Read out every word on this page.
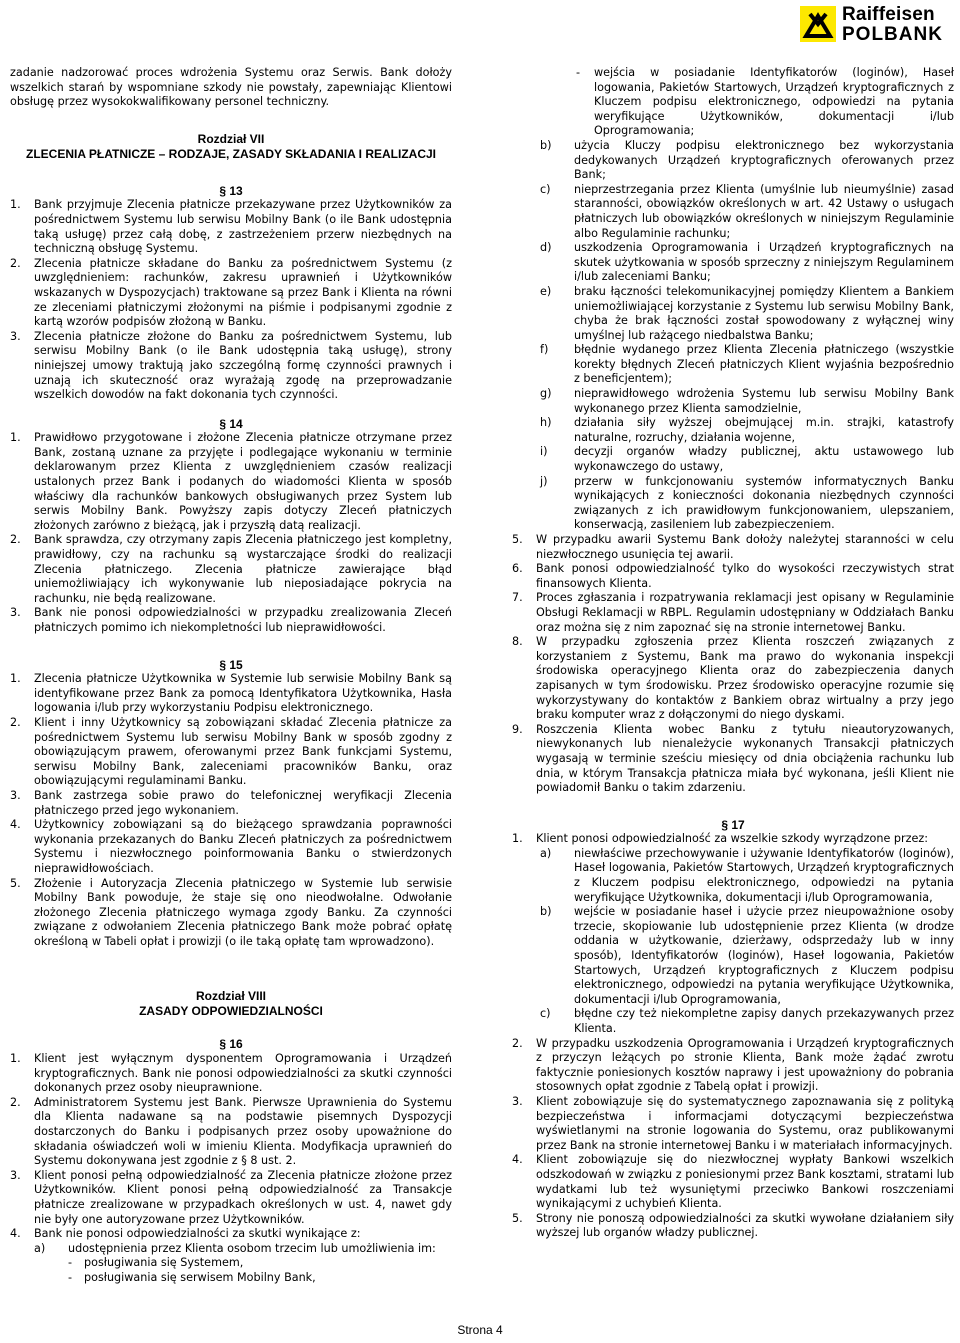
Raiffeisen
POLBANK

zadanie nadzorować proces wdrożenia Systemu oraz Serwis. Bank dołoży wszelkich starań by wspomniane szkody nie powstały, zapewniając Klientowi obsługę przez wysokokwalifikowany personel techniczny.

Rozdział VII
ZLECENIA PŁATNICZE – RODZAJE, ZASADY SKŁADANIA I REALIZACJI
§ 13
1.	Bank przyjmuje Zlecenia płatnicze przekazywane przez Użytkowników za pośrednictwem Systemu lub serwisu Mobilny Bank (o ile Bank udostępnia taką usługę) przez całą dobę, z zastrzeżeniem przerw niezbędnych na techniczną obsługę Systemu.
2.	Zlecenia płatnicze składane do Banku za pośrednictwem Systemu (z uwzględnieniem: rachunków, zakresu uprawnień i Użytkowników wskazanych w Dyspozycjach) traktowane są przez Bank i Klienta na równi ze zleceniami płatniczymi złożonymi na piśmie i podpisanymi zgodnie z kartą wzorów podpisów złożoną w Banku.
3.	Zlecenia płatnicze złożone do Banku za pośrednictwem Systemu, lub serwisu Mobilny Bank (o ile Bank udostępnia taką usługę), strony niniejszej umowy traktują jako szczególną formę czynności prawnych i uznają ich skuteczność oraz wyrażają zgodę na przeprowadzanie wszelkich dowodów na fakt dokonania tych czynności.
§ 14
1.	Prawidłowo przygotowane i złożone Zlecenia płatnicze otrzymane przez Bank, zostaną uznane za przyjęte i podlegające wykonaniu w terminie deklarowanym przez Klienta z uwzględnieniem czasów realizacji ustalonych przez Bank i podanych do wiadomości Klienta w sposób właściwy dla rachunków bankowych obsługiwanych przez System lub serwis Mobilny Bank. Powyższy zapis dotyczy Zleceń płatniczych złożonych zarówno z bieżącą, jak i przyszłą datą realizacji.
2.	Bank sprawdza, czy otrzymany zapis Zlecenia płatniczego jest kompletny, prawidłowy, czy na rachunku są wystarczające środki do realizacji Zlecenia płatniczego. Zlecenia płatnicze zawierające błąd uniemożliwiający ich wykonywanie lub nieposiadające pokrycia na rachunku, nie będą realizowane.
3.	Bank nie ponosi odpowiedzialności w przypadku zrealizowania Zleceń płatniczych pomimo ich niekompletności lub nieprawidłowości.
§ 15
1.	Zlecenia płatnicze Użytkownika w Systemie lub serwisie Mobilny Bank są identyfikowane przez Bank za pomocą Identyfikatora Użytkownika, Hasła logowania i/lub przy wykorzystaniu Podpisu elektronicznego.
2.	Klient i inny Użytkownicy są zobowiązani składać Zlecenia płatnicze za pośrednictwem Systemu lub serwisu Mobilny Bank w sposób zgodny z obowiązującym prawem, oferowanymi przez Bank funkcjami Systemu, serwisu Mobilny Bank, zaleceniami pracowników Banku, oraz obowiązującymi regulaminami Banku.
3.	Bank zastrzega sobie prawo do telefonicznej weryfikacji Zlecenia płatniczego przed jego wykonaniem.
4.	Użytkownicy zobowiązani są do bieżącego sprawdzania poprawności wykonania przekazanych do Banku Zleceń płatniczych za pośrednictwem Systemu i niezwłocznego poinformowania Banku o stwierdzonych nieprawidłowościach.
5.	Złożenie i Autoryzacja Zlecenia płatniczego w Systemie lub serwisie Mobilny Bank powoduje, że staje się ono nieodwołalne. Odwołanie złożonego Zlecenia płatniczego wymaga zgody Banku. Za czynności związane z odwołaniem Zlecenia płatniczego Bank może pobrać opłatę określoną w Tabeli opłat i prowizji (o ile taką opłatę tam wprowadzono).
Rozdział VIII
ZASADY ODPOWIEDZIALNOŚCI
§ 16
1.	Klient jest wyłącznym dysponentem Oprogramowania i Urządzeń kryptograficznych. Bank nie ponosi odpowiedzialności za skutki czynności dokonanych przez osoby nieuprawnione.
2.	Administratorem Systemu jest Bank. Pierwsze Uprawnienia do Systemu dla Klienta nadawane są na podstawie pisemnych Dyspozycji dostarczonych do Banku i podpisanych przez osoby upoważnione do składania oświadczeń woli w imieniu Klienta. Modyfikacja uprawnień do Systemu dokonywana jest zgodnie z § 8 ust. 2.
3.	Klient ponosi pełną odpowiedzialność za Zlecenia płatnicze złożone przez Użytkowników. Klient ponosi pełną odpowiedzialność za Transakcje płatnicze zrealizowane w przypadkach określonych w ust. 4, nawet gdy nie były one autoryzowane przez Użytkowników.
4.	Bank nie ponosi odpowiedzialności za skutki wynikające z:
a)	udostępnienia przez Klienta osobom trzecim lub umożliwienia im:
-	posługiwania się Systemem,
-	posługiwania się serwisem Mobilny Bank,
-	wejścia w posiadanie Identyfikatorów (loginów), Haseł logowania, Pakietów Startowych, Urządzeń kryptograficznych z Kluczem podpisu elektronicznego, odpowiedzi na pytania weryfikujące Użytkowników, dokumentacji i/lub Oprogramowania;
b)	użycia Kluczy podpisu elektronicznego bez wykorzystania dedykowanych Urządzeń kryptograficznych oferowanych przez Bank;
c)	nieprzestrzegania przez Klienta (umyślnie lub nieumyślnie) zasad staranności, obowiązków określonych w art. 42 Ustawy o usługach płatniczych lub obowiązków określonych w niniejszym Regulaminie albo Regulaminie rachunku;
d)	uszkodzenia Oprogramowania i Urządzeń kryptograficznych na skutek użytkowania w sposób sprzeczny z niniejszym Regulaminem i/lub zaleceniami Banku;
e)	braku łączności telekomunikacyjnej pomiędzy Klientem a Bankiem uniemożliwiającej korzystanie z Systemu lub serwisu Mobilny Bank, chyba że brak łączności został spowodowany z wyłącznej winy umyślnej lub rażącego niedbalstwa Banku;
f)	błędnie wydanego przez Klienta Zlecenia płatniczego (wszystkie korekty błędnych Zleceń płatniczych Klient wyjaśnia bezpośrednio z beneficjentem);
g)	nieprawidłowego wdrożenia Systemu lub serwisu Mobilny Bank wykonanego przez Klienta samodzielnie,
h)	działania siły wyższej obejmującej m.in. strajki, katastrofy naturalne, rozruchy, działania wojenne,
i)	decyzji organów władzy publicznej, aktu ustawowego lub wykonawczego do ustawy,
j)	przerw w funkcjonowaniu systemów informatycznych Banku wynikających z konieczności dokonania niezbędnych czynności związanych z ich prawidłowym funkcjonowaniem, ulepszaniem, konserwacją, zasileniem lub zabezpieczeniem.
5.	W przypadku awarii Systemu Bank dołoży należytej staranności w celu niezwłocznego usunięcia tej awarii.
6.	Bank ponosi odpowiedzialność tylko do wysokości rzeczywistych strat finansowych Klienta.
7.	Proces zgłaszania i rozpatrywania reklamacji jest opisany w Regulaminie Obsługi Reklamacji w RBPL. Regulamin udostępniany w Oddziałach Banku oraz można się z nim zapoznać się na stronie internetowej Banku.
8.	W przypadku zgłoszenia przez Klienta roszczeń związanych z korzystaniem z Systemu, Bank ma prawo do wykonania inspekcji środowiska operacyjnego Klienta oraz do zabezpieczenia danych zapisanych w tym środowisku. Przez środowisko operacyjne rozumie się wykorzystywany do kontaktów z Bankiem obraz wirtualny a przy jego braku komputer wraz z dołączonymi do niego dyskami.
9.	Roszczenia Klienta wobec Banku z tytułu nieautoryzowanych, niewykonanych lub nienależycie wykonanych Transakcji płatniczych wygasają w terminie sześciu miesięcy od dnia obciążenia rachunku lub dnia, w którym Transakcja płatnicza miała być wykonana, jeśli Klient nie powiadomił Banku o takim zdarzeniu.
§ 17
1.	Klient ponosi odpowiedzialność za wszelkie szkody wyrządzone przez:
a)	niewłaściwe przechowywanie i używanie Identyfikatorów (loginów), Haseł logowania, Pakietów Startowych, Urządzeń kryptograficznych z Kluczem podpisu elektronicznego, odpowiedzi na pytania weryfikujące Użytkownika, dokumentacji i/lub Oprogramowania,
b)	wejście w posiadanie haseł i użycie przez nieupoważnione osoby trzecie, skopiowanie lub udostępnienie przez Klienta (w drodze oddania w użytkowanie, dzierżawy, odsprzedaży lub w inny sposób), Identyfikatorów (loginów), Haseł logowania, Pakietów Startowych, Urządzeń kryptograficznych z Kluczem podpisu elektronicznego, odpowiedzi na pytania weryfikujące Użytkownika, dokumentacji i/lub Oprogramowania,
c)	błędne czy też niekompletne zapisy danych przekazywanych przez Klienta.
2.	W przypadku uszkodzenia Oprogramowania i Urządzeń kryptograficznych z przyczyn leżących po stronie Klienta, Bank może żądać zwrotu faktycznie poniesionych kosztów naprawy i jest upoważniony do pobrania stosownych opłat zgodnie z Tabelą opłat i prowizji.
3.	Klient zobowiązuje się do systematycznego zapoznawania się z polityką bezpieczeństwa i informacjami dotyczącymi bezpieczeństwa wyświetlanymi na stronie logowania do Systemu, oraz publikowanymi przez Bank na stronie internetowej Banku i w materiałach informacyjnych.
4.	Klient zobowiązuje się do niezwłocznej wypłaty Bankowi wszelkich odszkodowań w związku z poniesionymi przez Bank kosztami, stratami lub wydatkami lub też wysuniętymi przeciwko Bankowi roszczeniami wynikającymi z uchybień Klienta.
5.	Strony nie ponoszą odpowiedzialności za skutki wywołane działaniem siły wyższej lub organów władzy publicznej.
Strona 4
